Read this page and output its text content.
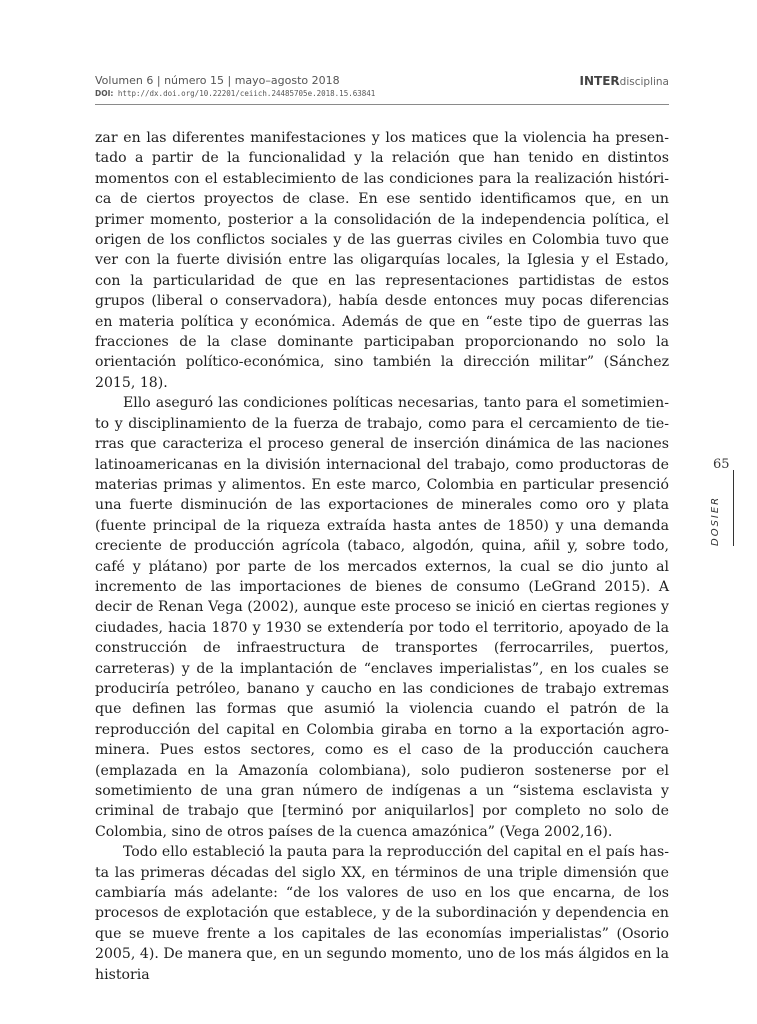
Volumen 6 | número 15 | mayo–agosto 2018
DOI: http://dx.doi.org/10.22201/ceiich.24485705e.2018.15.63841
INTERdisciplina

zar en las diferentes manifestaciones y los matices que la violencia ha presentado a partir de la funcionalidad y la relación que han tenido en distintos momentos con el establecimiento de las condiciones para la realización histórica de ciertos proyectos de clase. En ese sentido identificamos que, en un primer momento, posterior a la consolidación de la independencia política, el origen de los conflictos sociales y de las guerras civiles en Colombia tuvo que ver con la fuerte división entre las oligarquías locales, la Iglesia y el Estado, con la particularidad de que en las representaciones partidistas de estos grupos (liberal o conservadora), había desde entonces muy pocas diferencias en materia política y económica. Además de que en “este tipo de guerras las fracciones de la clase dominante participaban proporcionando no solo la orientación político-económica, sino también la dirección militar” (Sánchez 2015, 18).

Ello aseguró las condiciones políticas necesarias, tanto para el sometimiento y disciplinamiento de la fuerza de trabajo, como para el cercamiento de tierras que caracteriza el proceso general de inserción dinámica de las naciones latinoamericanas en la división internacional del trabajo, como productoras de materias primas y alimentos. En este marco, Colombia en particular presenció una fuerte disminución de las exportaciones de minerales como oro y plata (fuente principal de la riqueza extraída hasta antes de 1850) y una demanda creciente de producción agrícola (tabaco, algodón, quina, añil y, sobre todo, café y plátano) por parte de los mercados externos, la cual se dio junto al incremento de las importaciones de bienes de consumo (LeGrand 2015). A decir de Renan Vega (2002), aunque este proceso se inició en ciertas regiones y ciudades, hacia 1870 y 1930 se extendería por todo el territorio, apoyado de la construcción de infraestructura de transportes (ferrocarriles, puertos, carreteras) y de la implantación de “enclaves imperialistas”, en los cuales se produciría petróleo, banano y caucho en las condiciones de trabajo extremas que definen las formas que asumió la violencia cuando el patrón de la reproducción del capital en Colombia giraba en torno a la exportación agro-minera. Pues estos sectores, como es el caso de la producción cauchera (emplazada en la Amazonía colombiana), solo pudieron sostenerse por el sometimiento de una gran número de indígenas a un “sistema esclavista y criminal de trabajo que [terminó por aniquilarlos] por completo no solo de Colombia, sino de otros países de la cuenca amazónica” (Vega 2002,16).

Todo ello estableció la pauta para la reproducción del capital en el país hasta las primeras décadas del siglo XX, en términos de una triple dimensión que cambiaría más adelante: “de los valores de uso en los que encarna, de los procesos de explotación que establece, y de la subordinación y dependencia en que se mueve frente a los capitales de las economías imperialistas” (Osorio 2005, 4). De manera que, en un segundo momento, uno de los más álgidos en la historia

65
DOSIER
